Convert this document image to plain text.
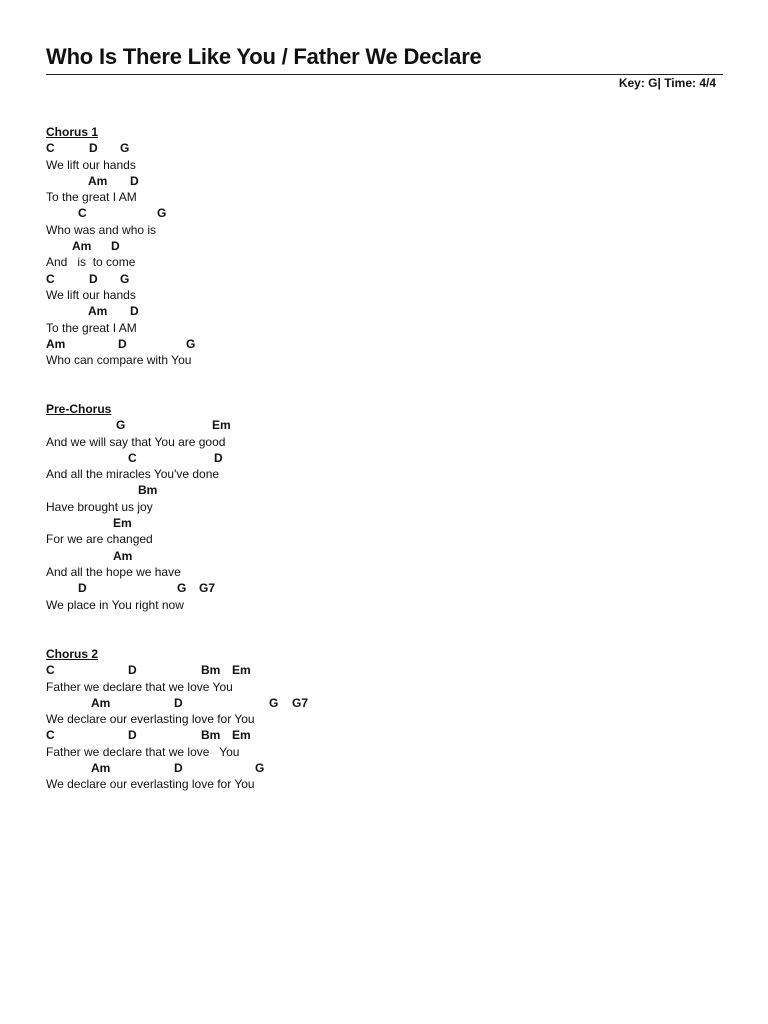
Who Is There Like You / Father We Declare
Key: G| Time: 4/4
Chorus 1
C	D G
We lift our hands
Am D
To the great I AM
C	G
Who was and who is
Am D
And   is  to come
C	D G
We lift our hands
Am D
To the great I AM
Am	D	G
Who can compare with You
Pre-Chorus
G	Em
And we will say that You are good
C	D
And all the miracles You've done
Bm
Have brought us joy
Em
For we are changed
Am
And all the hope we have
D	G G7
We place in You right now
Chorus 2
C	D	Bm Em
Father we declare that we love You
Am	D	G G7
We declare our everlasting love for You
C	D	Bm Em
Father we declare that we love   You
Am	D	G
We declare our everlasting love for You
